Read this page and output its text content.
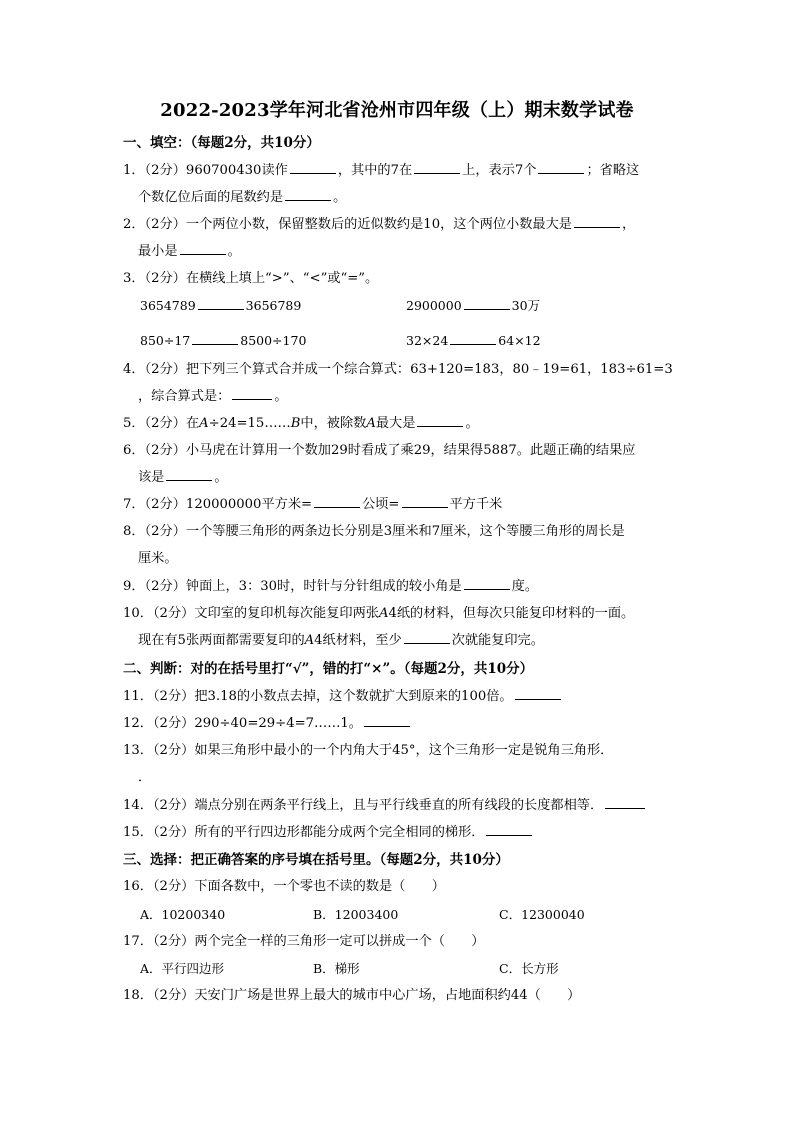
2022-2023学年河北省沧州市四年级（上）期末数学试卷
一、填空：（每题2分，共10分）
1．（2分）960700430读作	，其中的7在	上，表示7个	；省略这
个数亿位后面的尾数约是	。
2．（2分）一个两位小数，保留整数后的近似数约是10，这个两位小数最大是	，
最小是	。
3．（2分）在横线上填上“>”、“<”或“=”。
3654789	3656789	2900000	30万
850÷17	8500÷170	32×24	64×12
4．（2分）把下列三个算式合并成一个综合算式：63+120=183，80﹣19=61，183÷61=3
，综合算式是：	。
5．（2分）在A÷24=15……B中，被除数A最大是	。
6．（2分）小马虎在计算用一个数加29时看成了乘29，结果得5887。此题正确的结果应
该是	。
7．（2分）120000000平方米=	公顷=	平方千米
8．（2分）一个等腰三角形的两条边长分别是3厘米和7厘米，这个等腰三角形的周长是
厘米。
9．（2分）钟面上，3：30时，时针与分针组成的较小角是	度。
10．（2分）文印室的复印机每次能复印两张A4纸的材料，但每次只能复印材料的一面。
现在有5张两面都需要复印的A4纸材料，至少	次就能复印完。
二、判断：对的在括号里打“√”，错的打“×”。（每题2分，共10分）
11．（2分）把3.18的小数点去掉，这个数就扩大到原来的100倍。
12．（2分）290÷40=29÷4=7……1。
13．（2分）如果三角形中最小的一个内角大于45°，这个三角形一定是锐角三角形．
．
14．（2分）端点分别在两条平行线上，且与平行线垂直的所有线段的长度都相等．
15．（2分）所有的平行四边形都能分成两个完全相同的梯形．
三、选择：把正确答案的序号填在括号里。（每题2分，共10分）
16．（2分）下面各数中，一个零也不读的数是（　　）
A．10200340	B．12003400	C．12300040
17．（2分）两个完全一样的三角形一定可以拼成一个（　　）
A．平行四边形	B．梯形	C．长方形
18．（2分）天安门广场是世界上最大的城市中心广场，占地面积约44（　　）
